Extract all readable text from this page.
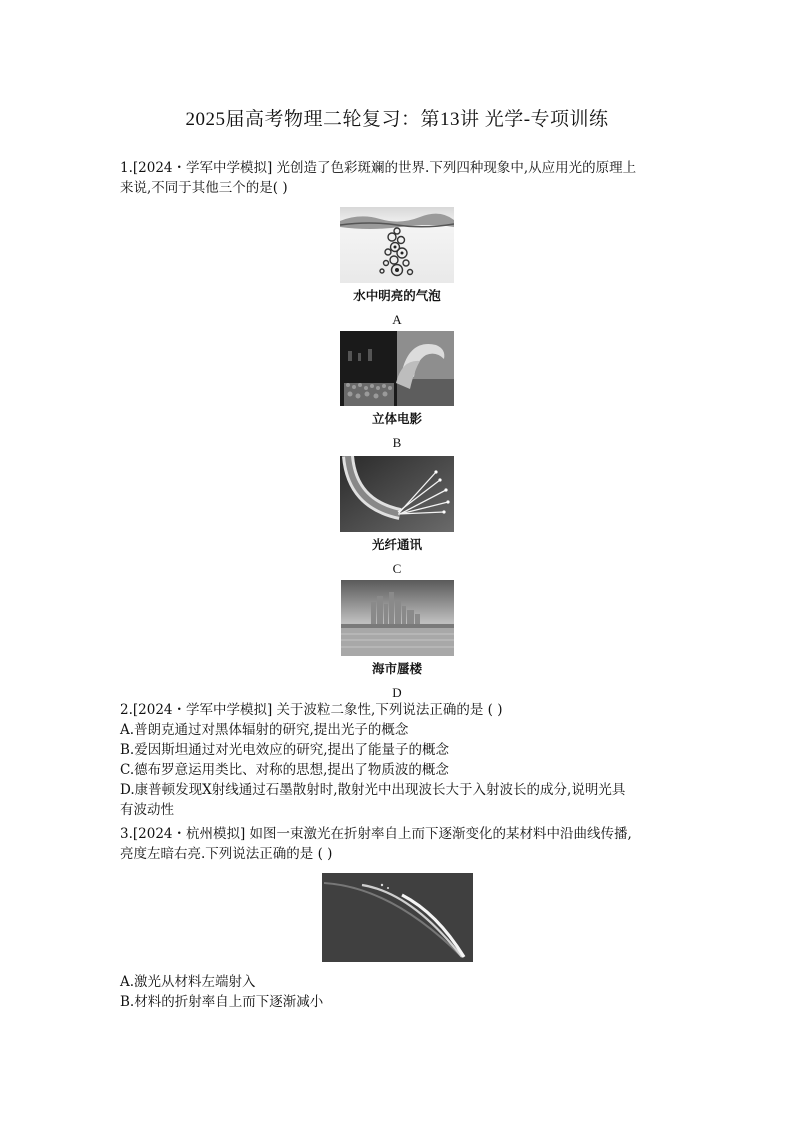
2025届高考物理二轮复习：第13讲 光学-专项训练

1.[2024・学军中学模拟] 光创造了色彩斑斓的世界.下列四种现象中,从应用光的原理上

来说,不同于其他三个的是( )

水中明亮的气泡
A
立体电影
B
光纤通讯
C
海市蜃楼
D

2.[2024・学军中学模拟] 关于波粒二象性,下列说法正确的是 ( )

A.普朗克通过对黑体辐射的研究,提出光子的概念

B.爱因斯坦通过对光电效应的研究,提出了能量子的概念

C.德布罗意运用类比、对称的思想,提出了物质波的概念

D.康普顿发现X射线通过石墨散射时,散射光中出现波长大于入射波长的成分,说明光具

有波动性

3.[2024・杭州模拟] 如图一束激光在折射率自上而下逐渐变化的某材料中沿曲线传播,

亮度左暗右亮.下列说法正确的是 ( )

A.激光从材料左端射入

B.材料的折射率自上而下逐渐减小
